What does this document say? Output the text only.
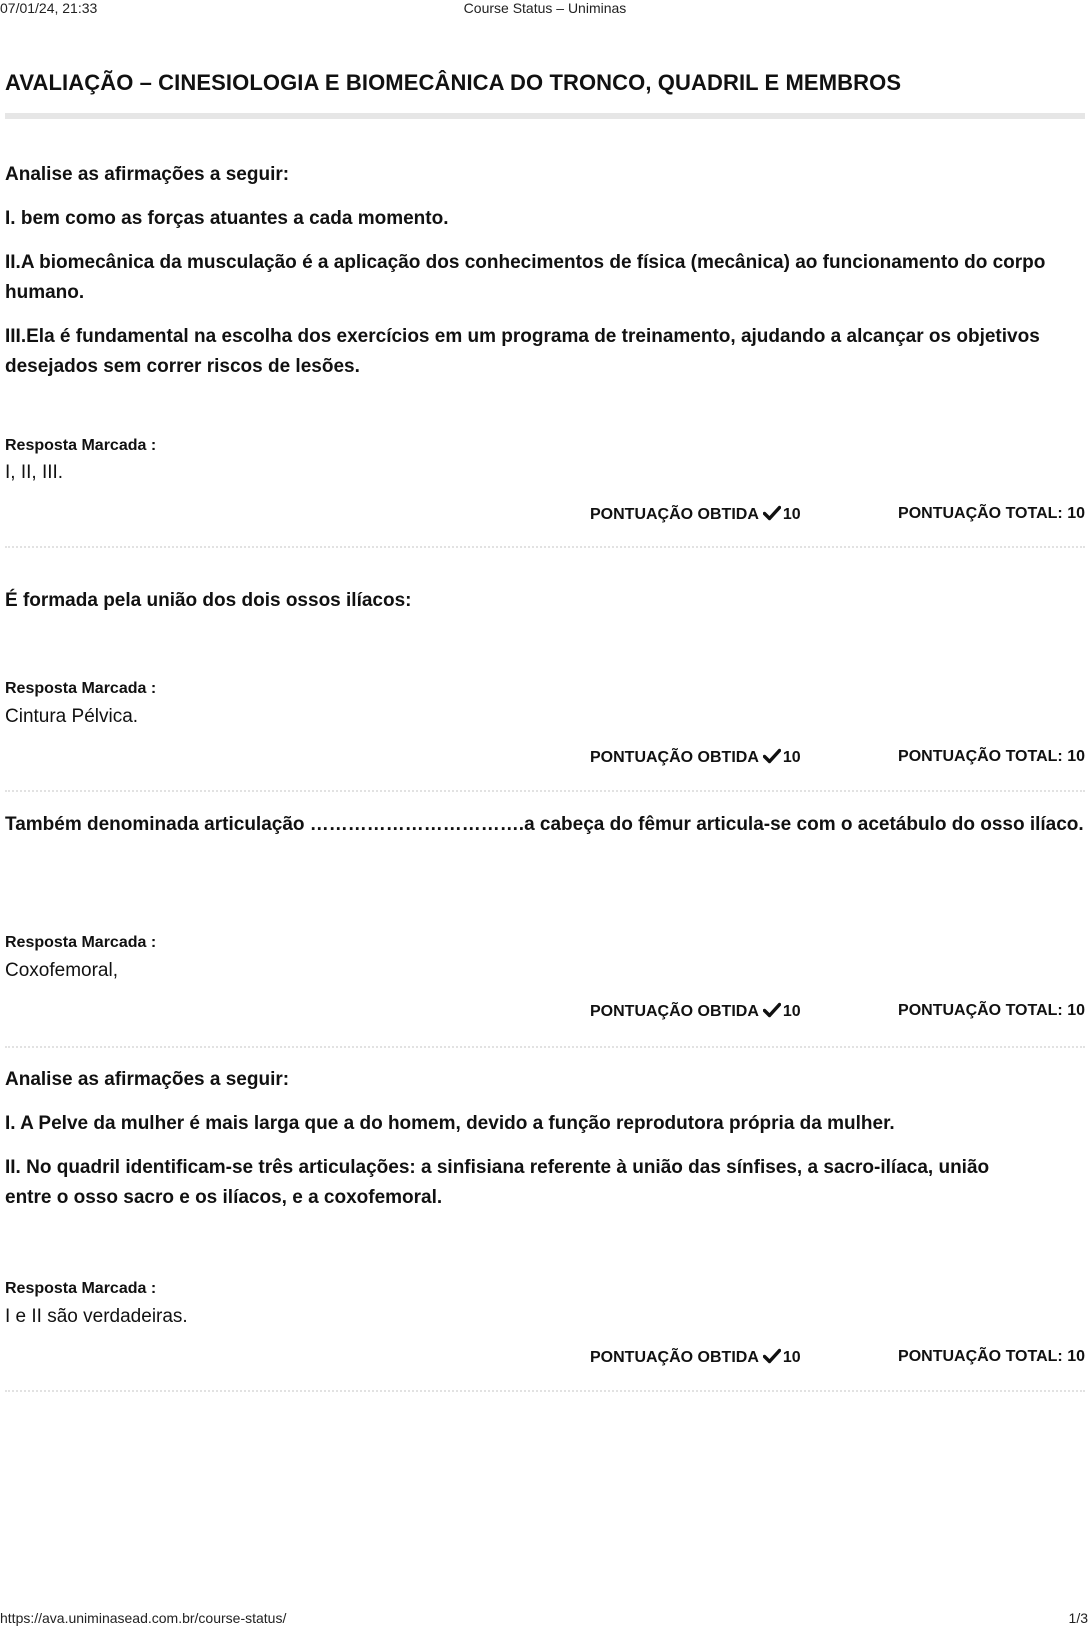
07/01/24, 21:33	Course Status – Uniminas
AVALIAÇÃO – CINESIOLOGIA E BIOMECÂNICA DO TRONCO, QUADRIL E MEMBROS

Analise as afirmações a seguir:

I. bem como as forças atuantes a cada momento.

II.A biomecânica da musculação é a aplicação dos conhecimentos de física (mecânica) ao funcionamento do corpo humano.

III.Ela é fundamental na escolha dos exercícios em um programa de treinamento, ajudando a alcançar os objetivos desejados sem correr riscos de lesões.

Resposta Marcada :
I, II, III.
PONTUAÇÃO OBTIDA 10	PONTUAÇÃO TOTAL: 10

É formada pela união dos dois ossos ilíacos:

Resposta Marcada :
Cintura Pélvica.
PONTUAÇÃO OBTIDA 10	PONTUAÇÃO TOTAL: 10

Também denominada articulação …………………………….a cabeça do fêmur articula-se com o acetábulo do osso ilíaco.

Resposta Marcada :
Coxofemoral,
PONTUAÇÃO OBTIDA 10	PONTUAÇÃO TOTAL: 10

Analise as afirmações a seguir:

I. A Pelve da mulher é mais larga que a do homem, devido a função reprodutora própria da mulher.

II. No quadril identificam-se três articulações: a sinfisiana referente à união das sínfises, a sacro-ilíaca, união entre o osso sacro e os ilíacos, e a coxofemoral.

Resposta Marcada :
I e II são verdadeiras.
PONTUAÇÃO OBTIDA 10	PONTUAÇÃO TOTAL: 10
https://ava.uniminasead.com.br/course-status/	1/3
